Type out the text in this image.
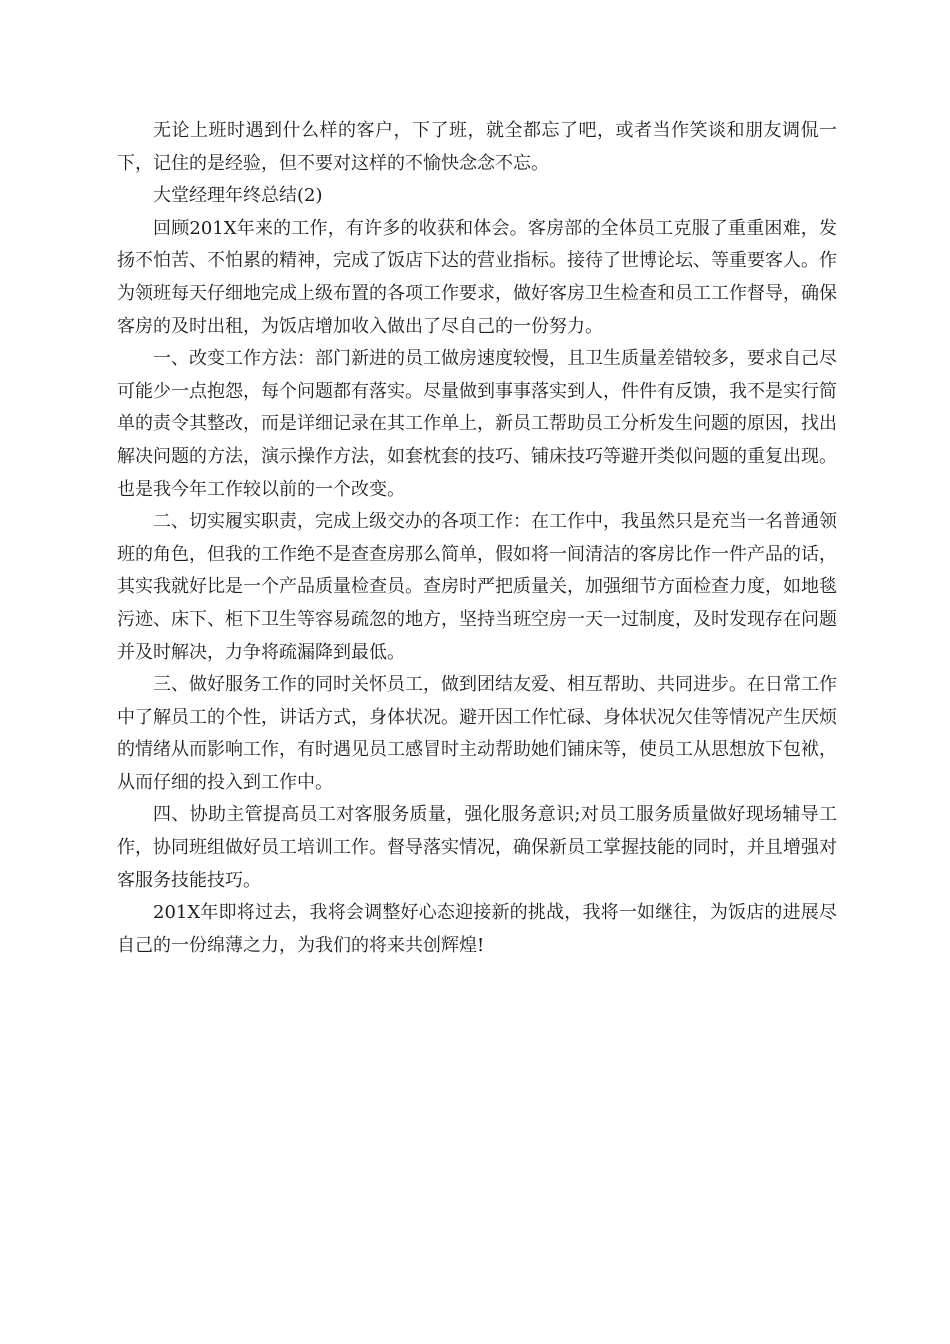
无论上班时遇到什么样的客户，下了班，就全都忘了吧，或者当作笑谈和朋友调侃一下，记住的是经验，但不要对这样的不愉快念念不忘。

大堂经理年终总结(2)

回顾201X年来的工作，有许多的收获和体会。客房部的全体员工克服了重重困难，发扬不怕苦、不怕累的精神，完成了饭店下达的营业指标。接待了世博论坛、等重要客人。作为领班每天仔细地完成上级布置的各项工作要求，做好客房卫生检查和员工工作督导，确保客房的及时出租，为饭店增加收入做出了尽自己的一份努力。

一、改变工作方法：部门新进的员工做房速度较慢，且卫生质量差错较多，要求自己尽可能少一点抱怨，每个问题都有落实。尽量做到事事落实到人，件件有反馈，我不是实行简单的责令其整改，而是详细记录在其工作单上，新员工帮助员工分析发生问题的原因，找出解决问题的方法，演示操作方法，如套枕套的技巧、铺床技巧等避开类似问题的重复出现。也是我今年工作较以前的一个改变。

二、切实履实职责，完成上级交办的各项工作：在工作中，我虽然只是充当一名普通领班的角色，但我的工作绝不是查查房那么简单，假如将一间清洁的客房比作一件产品的话，其实我就好比是一个产品质量检查员。查房时严把质量关，加强细节方面检查力度，如地毯污迹、床下、柜下卫生等容易疏忽的地方，坚持当班空房一天一过制度，及时发现存在问题并及时解决，力争将疏漏降到最低。

三、做好服务工作的同时关怀员工，做到团结友爱、相互帮助、共同进步。在日常工作中了解员工的个性，讲话方式，身体状况。避开因工作忙碌、身体状况欠佳等情况产生厌烦的情绪从而影响工作，有时遇见员工感冒时主动帮助她们铺床等，使员工从思想放下包袱，从而仔细的投入到工作中。

四、协助主管提高员工对客服务质量，强化服务意识;对员工服务质量做好现场辅导工作，协同班组做好员工培训工作。督导落实情况，确保新员工掌握技能的同时，并且增强对客服务技能技巧。

201X年即将过去，我将会调整好心态迎接新的挑战，我将一如继往，为饭店的进展尽自己的一份绵薄之力，为我们的将来共创辉煌!
